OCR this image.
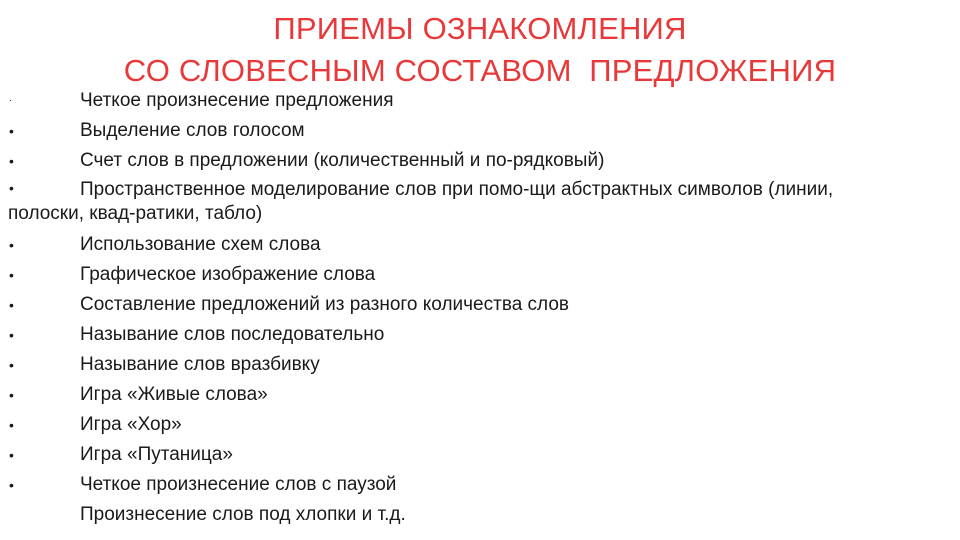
ПРИЕМЫ ОЗНАКОМЛЕНИЯ
СО СЛОВЕСНЫМ СОСТАВОМ  ПРЕДЛОЖЕНИЯ
.	Четкое произнесение предложения
•	Выделение слов голосом
•	Счет слов в предложении (количественный и по-рядковый)
•	Пространственное моделирование слов при помо-щи абстрактных символов (линии,
полоски, квад-ратики, табло)
•	Использование схем слова
•	Графическое изображение слова
•	Составление предложений из разного количества слов
•	Называние слов последовательно
•	Называние слов вразбивку
•	Игра «Живые слова»
•	Игра «Хор»
•	Игра «Путаница»
•	Четкое произнесение слов с паузой
Произнесение слов под хлопки и т.д.
